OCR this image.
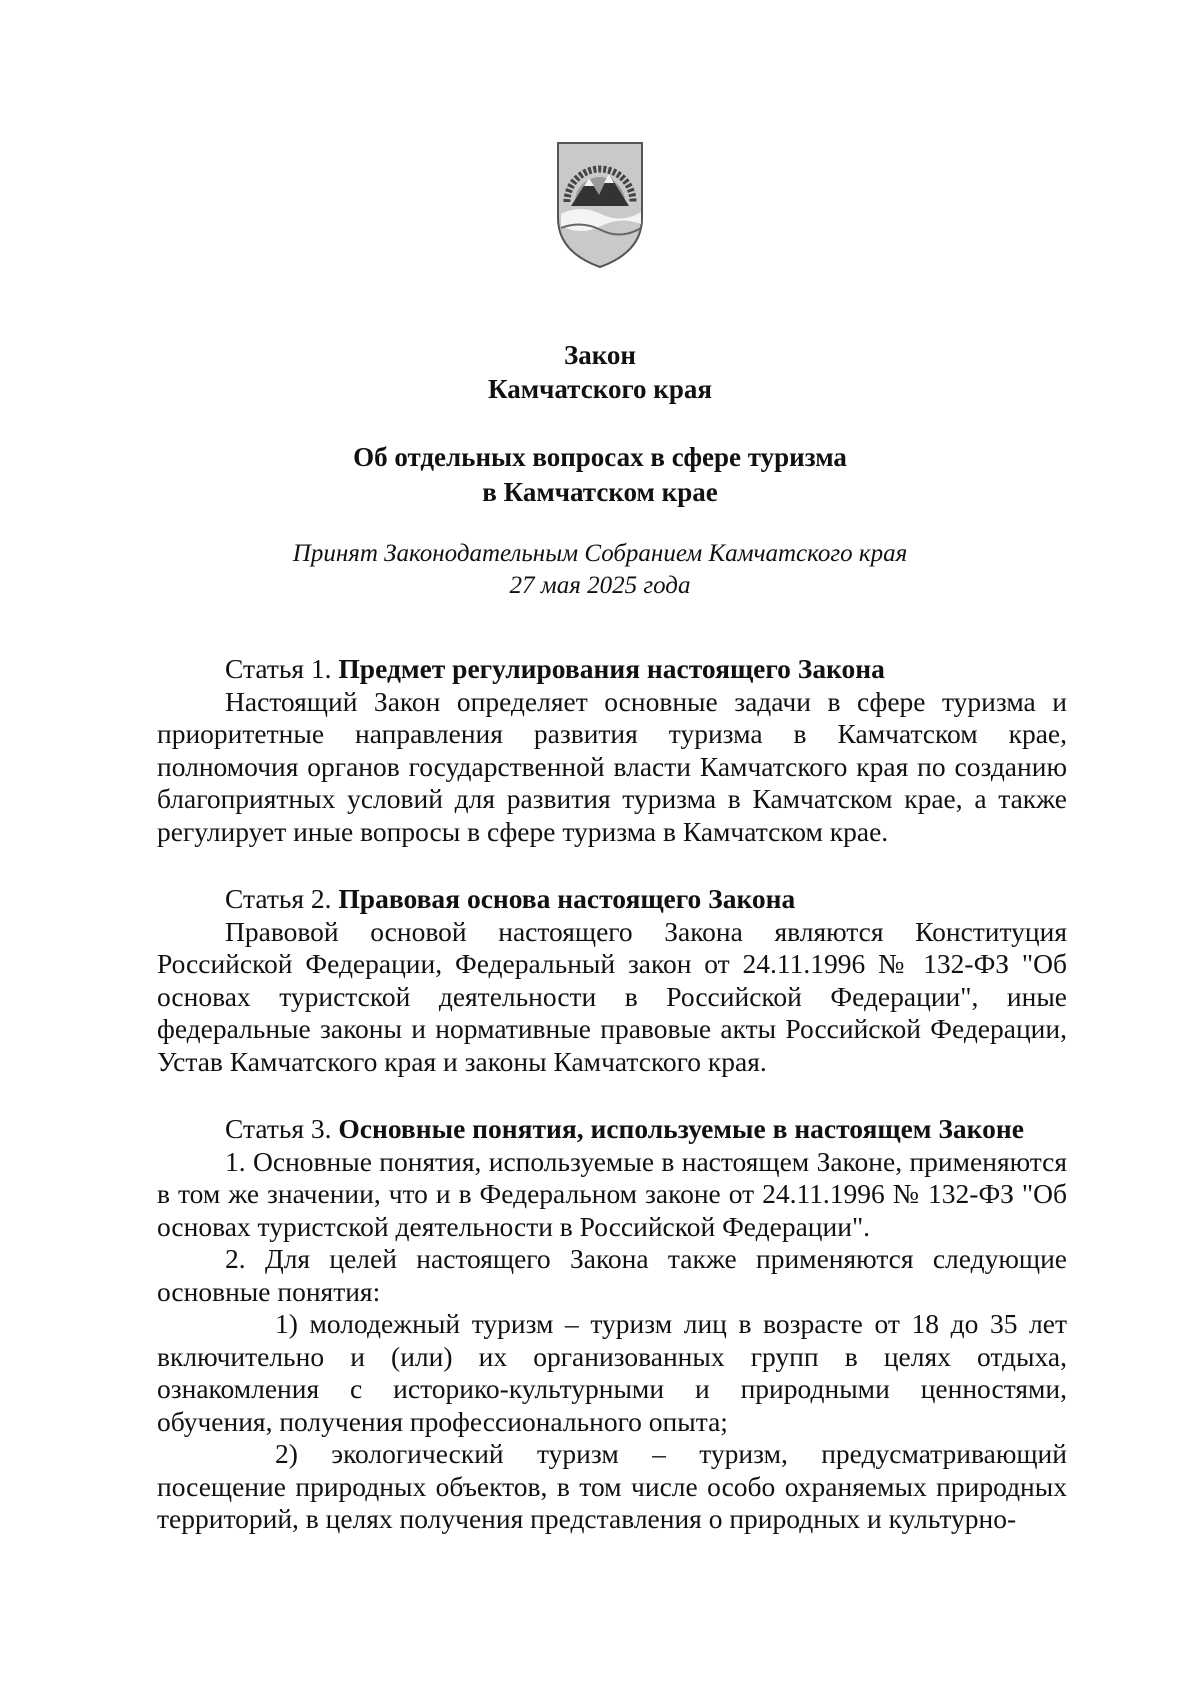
Закон
Камчатского края
Об отдельных вопросах в сфере туризма
в Камчатском крае
Принят Законодательным Собранием Камчатского края
27 мая 2025 года

Статья 1. Предмет регулирования настоящего Закона

Настоящий Закон определяет основные задачи в сфере туризма и приоритетные направления развития туризма в Камчатском крае, полномочия органов государственной власти Камчатского края по созданию благоприятных условий для развития туризма в Камчатском крае, а также регулирует иные вопросы в сфере туризма в Камчатском крае.

Статья 2. Правовая основа настоящего Закона

Правовой основой настоящего Закона являются Конституция Российской Федерации, Федеральный закон от 24.11.1996 № 132-ФЗ "Об основах туристской деятельности в Российской Федерации", иные федеральные законы и нормативные правовые акты Российской Федерации, Устав Камчатского края и законы Камчатского края.

Статья 3. Основные понятия, используемые в настоящем Законе

1. Основные понятия, используемые в настоящем Законе, применяются в том же значении, что и в Федеральном законе от 24.11.1996 № 132-ФЗ "Об основах туристской деятельности в Российской Федерации".

2. Для целей настоящего Закона также применяются следующие основные понятия:

1) молодежный туризм – туризм лиц в возрасте от 18 до 35 лет включительно и (или) их организованных групп в целях отдыха, ознакомления с историко-культурными и природными ценностями, обучения, получения профессионального опыта;

2) экологический туризм – туризм, предусматривающий посещение природных объектов, в том числе особо охраняемых природных территорий, в целях получения представления о природных и культурно-
